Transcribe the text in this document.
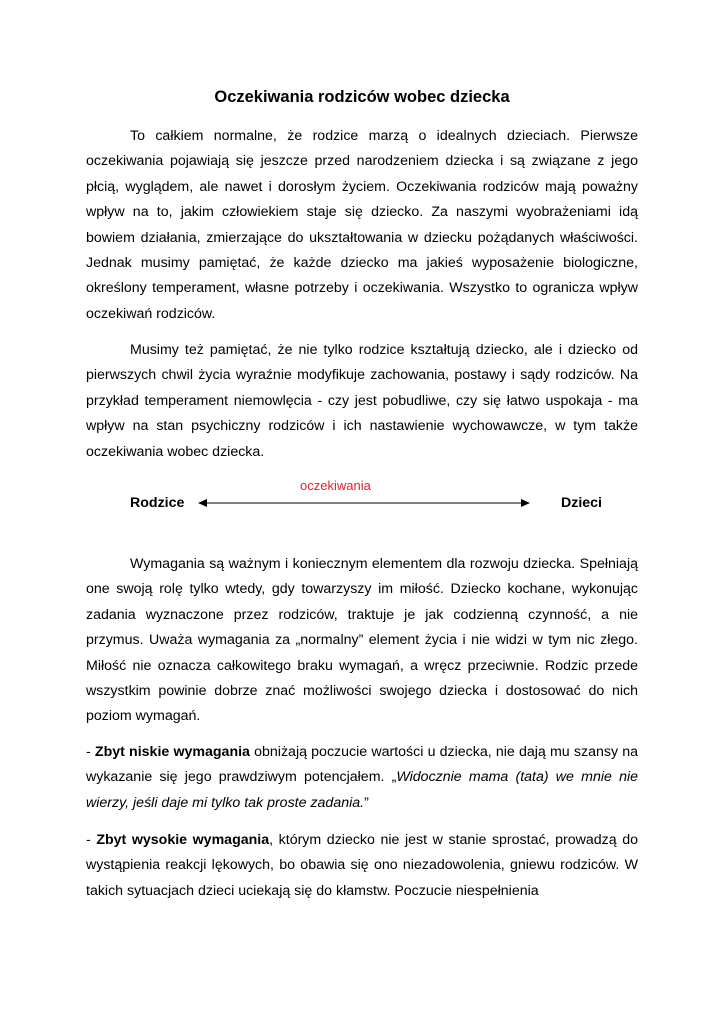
Oczekiwania rodziców wobec dziecka

To całkiem normalne, że rodzice marzą o idealnych dzieciach. Pierwsze oczekiwania pojawiają się jeszcze przed narodzeniem dziecka i są związane z jego płcią, wyglądem, ale nawet i dorosłym życiem. Oczekiwania rodziców mają poważny wpływ na to, jakim człowiekiem staje się dziecko. Za naszymi wyobrażeniami idą bowiem działania, zmierzające do ukształtowania w dziecku pożądanych właściwości. Jednak musimy pamiętać, że każde dziecko ma jakieś wyposażenie biologiczne, określony temperament, własne potrzeby i oczekiwania. Wszystko to ogranicza wpływ oczekiwań rodziców.

Musimy też pamiętać, że nie tylko rodzice kształtują dziecko, ale i dziecko od pierwszych chwil życia wyraźnie modyfikuje zachowania, postawy i sądy rodziców. Na przykład temperament niemowlęcia - czy jest pobudliwe, czy się łatwo uspokaja - ma wpływ na stan psychiczny rodziców i ich nastawienie wychowawcze, w tym także oczekiwania wobec dziecka.

Rodzice
oczekiwania
Dzieci

Wymagania są ważnym i koniecznym elementem dla rozwoju dziecka. Spełniają one swoją rolę tylko wtedy, gdy towarzyszy im miłość. Dziecko kochane, wykonując zadania wyznaczone przez rodziców, traktuje je jak codzienną czynność, a nie przymus. Uważa wymagania za „normalny” element życia i nie widzi w tym nic złego. Miłość nie oznacza całkowitego braku wymagań, a wręcz przeciwnie. Rodzic przede wszystkim powinie dobrze znać możliwości swojego dziecka i dostosować do nich poziom wymagań.

- Zbyt niskie wymagania obniżają poczucie wartości u dziecka, nie dają mu szansy na wykazanie się jego prawdziwym potencjałem. „Widocznie mama (tata) we mnie nie wierzy, jeśli daje mi tylko tak proste zadania.”

- Zbyt wysokie wymagania, którym dziecko nie jest w stanie sprostać, prowadzą do wystąpienia reakcji lękowych, bo obawia się ono niezadowolenia, gniewu rodziców. W takich sytuacjach dzieci uciekają się do kłamstw. Poczucie niespełnienia
